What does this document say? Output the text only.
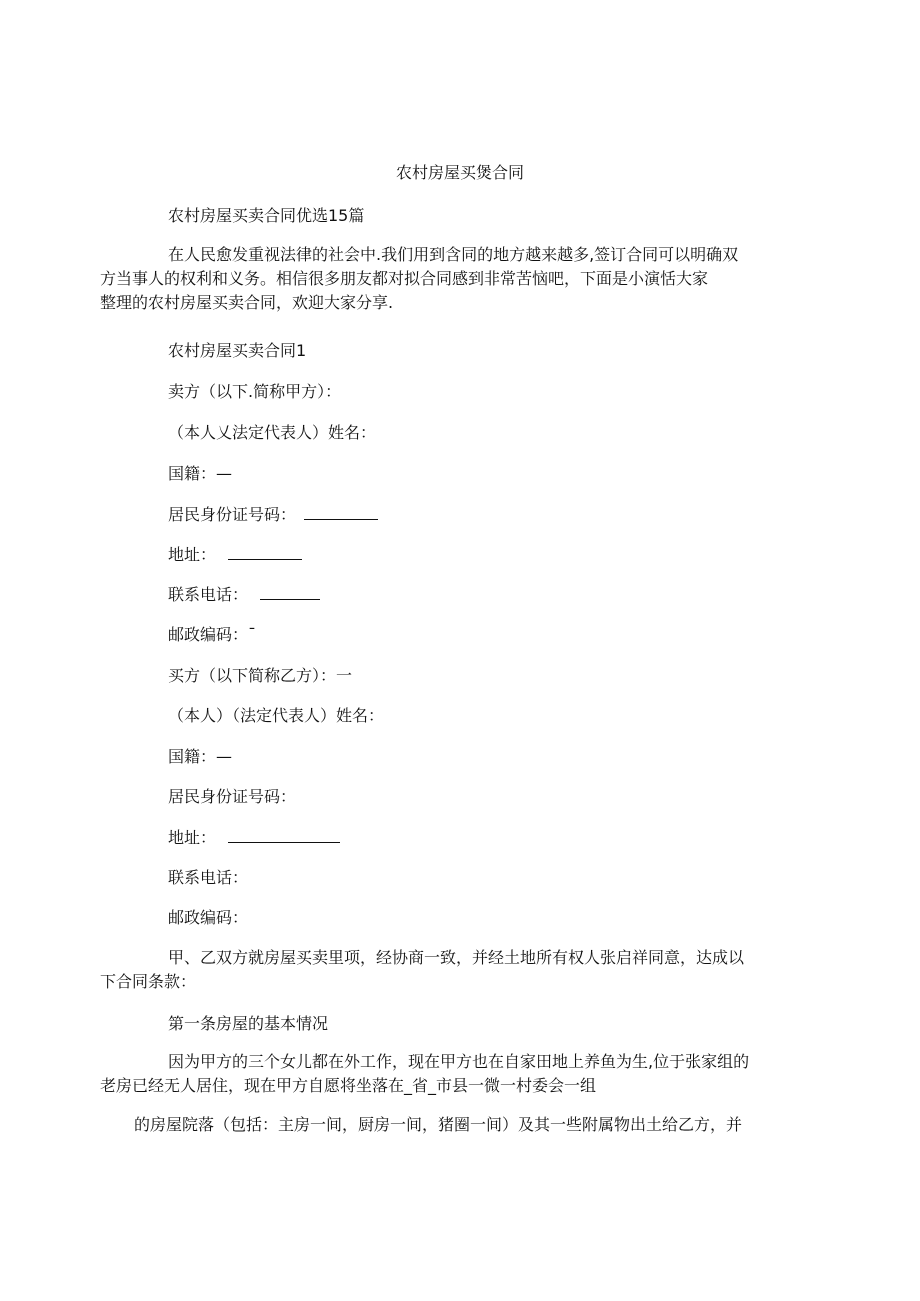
农村房屋买煲合同
农村房屋买卖合同优选15篇
在人民愈发重视法律的社会中.我们用到含同的地方越来越多,签订合同可以明确双
方当事人的权利和义务。相信很多朋友都对拟合同感到非常苦恼吧，下面是小演恬大家
整理的农村房屋买卖合同，欢迎大家分享.
农村房屋买卖合同1
卖方（以下.简称甲方）：
（本人乂法定代表人）姓名：
国籍：—
居民身份证号码：
地址：
联系电话：
邮政编码：¯
买方（以下简称乙方）：一
（本人）（法定代表人）姓名：
国籍：—
居民身份证号码：
地址：
联系电话：
邮政编码：
甲、乙双方就房屋买卖里项，经协商一致，并经土地所有权人张启祥同意，达成以
下合同条款：
第一条房屋的基本情况
因为甲方的三个女儿都在外工作，现在甲方也在自家田地上养鱼为生,位于张家组的
老房已经无人居住，现在甲方自愿将坐落在_省_市县一微一村委会一组
的房屋院落（包括：主房一间，厨房一间，猪圈一间）及其一些附属物出土给乙方，并
